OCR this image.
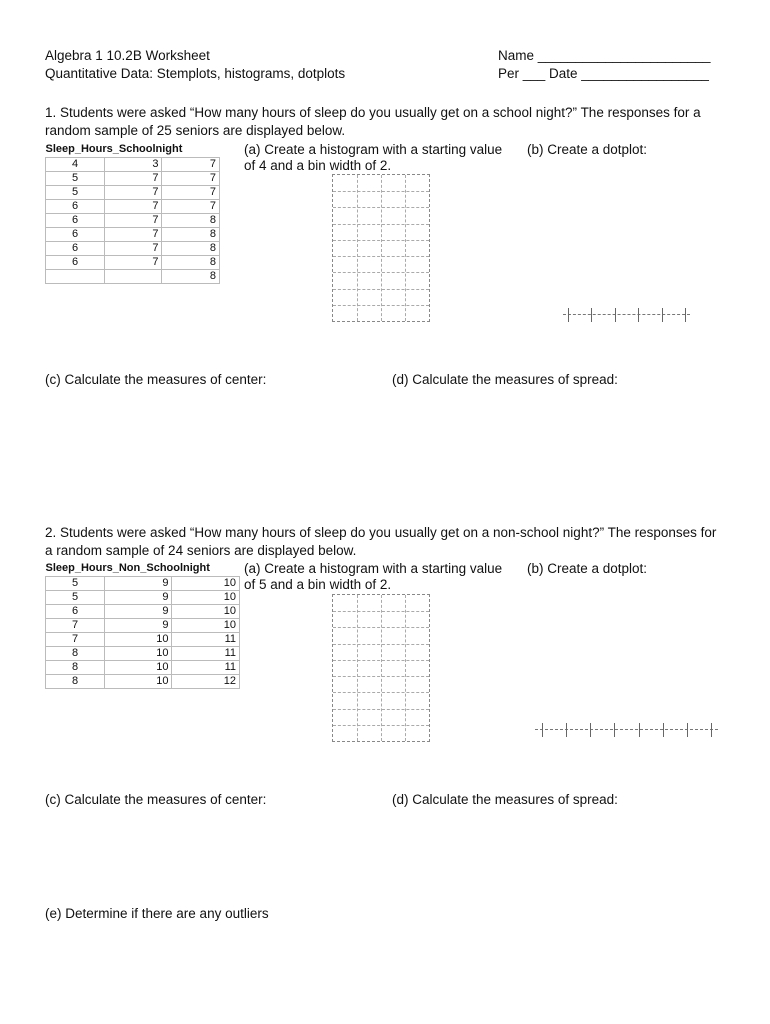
Algebra 1 10.2B Worksheet
Quantitative Data: Stemplots, histograms, dotplots
Name _______________________
Per ___ Date _________________
1. Students were asked “How many hours of sleep do you usually get on a school night?” The responses for a random sample of 25 seniors are displayed below.
Sleep_Hours_Schoolnight		
4	3	7
5	7	7
5	7	7
6	7	7
6	7	8
6	7	8
6	7	8
6	7	8
		8
(a) Create a histogram with a starting value of 4 and a bin width of 2.
(b) Create a dotplot:
(c) Calculate the measures of center:	(d) Calculate the measures of spread:
2. Students were asked “How many hours of sleep do you usually get on a non-school night?” The responses for a random sample of 24 seniors are displayed below.
Sleep_Hours_Non_Schoolnight		
5	9	10
5	9	10
6	9	10
7	9	10
7	10	11
8	10	11
8	10	11
8	10	12
(a) Create a histogram with a starting value of 5 and a bin width of 2.
(b) Create a dotplot:
(c) Calculate the measures of center:	(d) Calculate the measures of spread:
(e) Determine if there are any outliers
